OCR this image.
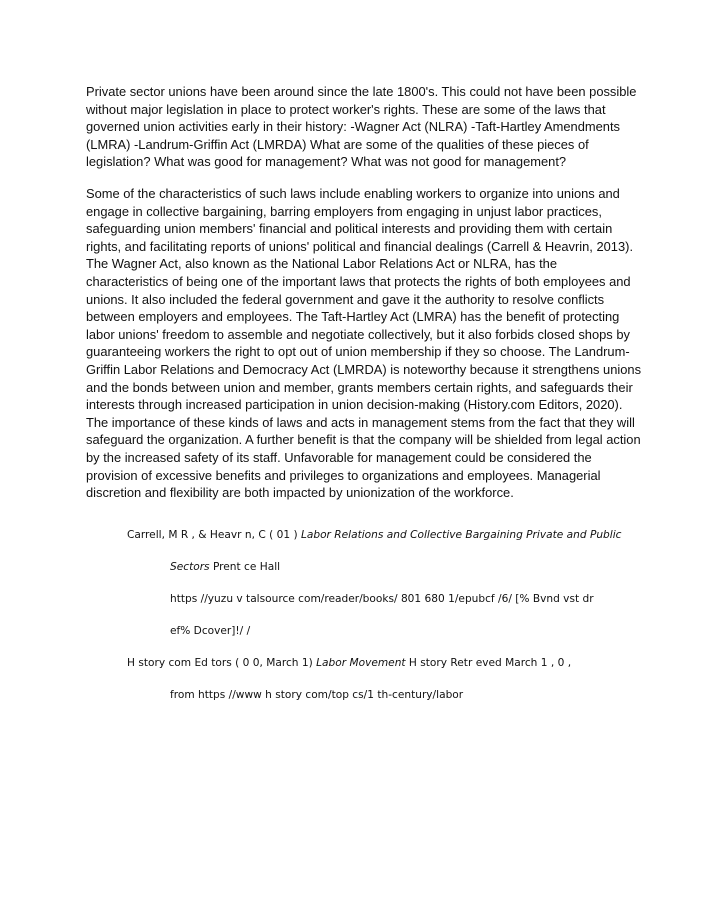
Private sector unions have been around since the late 1800's. This could not have been possible without major legislation in place to protect worker's rights. These are some of the laws that governed union activities early in their history: -Wagner Act (NLRA) -Taft-Hartley Amendments (LMRA) -Landrum-Griffin Act (LMRDA) What are some of the qualities of these pieces of legislation? What was good for management? What was not good for management?

Some of the characteristics of such laws include enabling workers to organize into unions and engage in collective bargaining, barring employers from engaging in unjust labor practices, safeguarding union members' financial and political interests and providing them with certain rights, and facilitating reports of unions' political and financial dealings (Carrell & Heavrin, 2013). The Wagner Act, also known as the National Labor Relations Act or NLRA, has the characteristics of being one of the important laws that protects the rights of both employees and unions. It also included the federal government and gave it the authority to resolve conflicts between employers and employees. The Taft-Hartley Act (LMRA) has the benefit of protecting labor unions' freedom to assemble and negotiate collectively, but it also forbids closed shops by guaranteeing workers the right to opt out of union membership if they so choose. The Landrum-Griffin Labor Relations and Democracy Act (LMRDA) is noteworthy because it strengthens unions and the bonds between union and member, grants members certain rights, and safeguards their interests through increased participation in union decision-making (History.com Editors, 2020). The importance of these kinds of laws and acts in management stems from the fact that they will safeguard the organization. A further benefit is that the company will be shielded from legal action by the increased safety of its staff. Unfavorable for management could be considered the provision of excessive benefits and privileges to organizations and employees. Managerial discretion and flexibility are both impacted by unionization of the workforce.

Carrell, M R , & Heavr n, C ( 01 ) Labor Relations and Collective Bargaining Private and Public
Sectors Prent ce Hall
https //yuzu v talsource com/reader/books/ 801 680 1/epubcf /6/ [% Bvnd vst dr
ef% Dcover]!/ /
H story com Ed tors ( 0 0, March 1) Labor Movement H story Retr eved March 1 , 0 ,
from https //www h story com/top cs/1 th-century/labor
